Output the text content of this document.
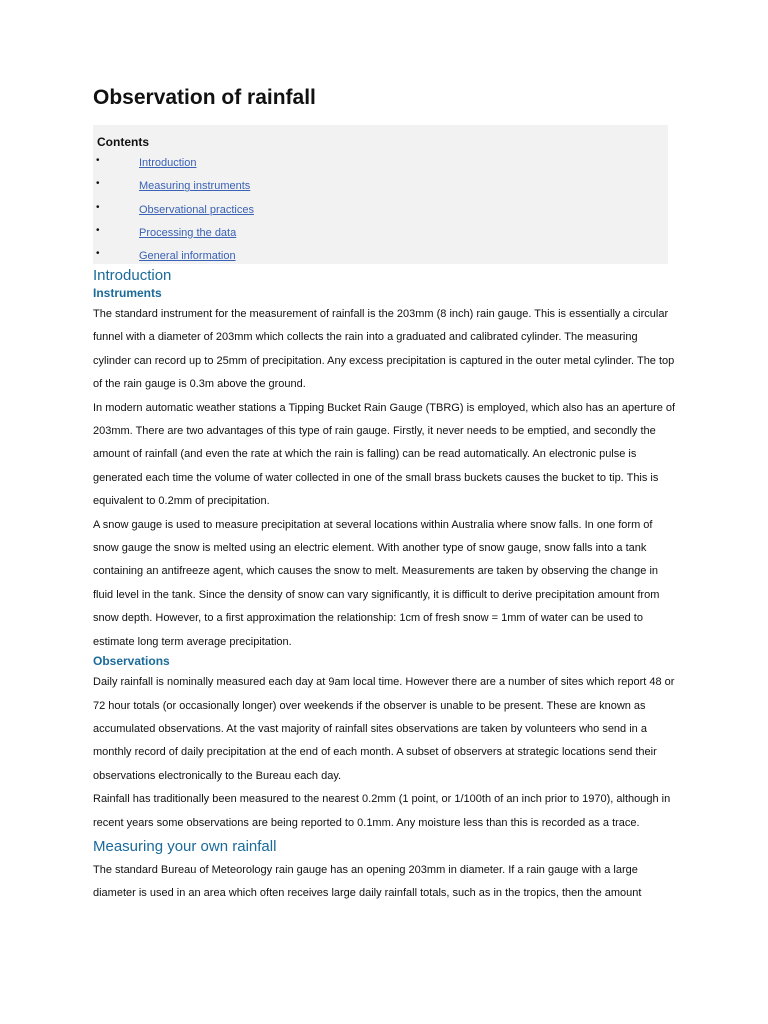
Observation of rainfall
Contents
•	Introduction
•	Measuring instruments
•	Observational practices
•	Processing the data
•	General information
Introduction
Instruments

The standard instrument for the measurement of rainfall is the 203mm (8 inch) rain gauge. This is essentially a circular funnel with a diameter of 203mm which collects the rain into a graduated and calibrated cylinder. The measuring cylinder can record up to 25mm of precipitation. Any excess precipitation is captured in the outer metal cylinder. The top of the rain gauge is 0.3m above the ground.

In modern automatic weather stations a Tipping Bucket Rain Gauge (TBRG) is employed, which also has an aperture of 203mm. There are two advantages of this type of rain gauge. Firstly, it never needs to be emptied, and secondly the amount of rainfall (and even the rate at which the rain is falling) can be read automatically. An electronic pulse is generated each time the volume of water collected in one of the small brass buckets causes the bucket to tip. This is equivalent to 0.2mm of precipitation.

A snow gauge is used to measure precipitation at several locations within Australia where snow falls. In one form of snow gauge the snow is melted using an electric element. With another type of snow gauge, snow falls into a tank containing an antifreeze agent, which causes the snow to melt. Measurements are taken by observing the change in fluid level in the tank. Since the density of snow can vary significantly, it is difficult to derive precipitation amount from snow depth. However, to a first approximation the relationship: 1cm of fresh snow = 1mm of water can be used to estimate long term average precipitation.

Observations

Daily rainfall is nominally measured each day at 9am local time. However there are a number of sites which report 48 or 72 hour totals (or occasionally longer) over weekends if the observer is unable to be present. These are known as accumulated observations. At the vast majority of rainfall sites observations are taken by volunteers who send in a monthly record of daily precipitation at the end of each month. A subset of observers at strategic locations send their observations electronically to the Bureau each day.

Rainfall has traditionally been measured to the nearest 0.2mm (1 point, or 1/100th of an inch prior to 1970), although in recent years some observations are being reported to 0.1mm. Any moisture less than this is recorded as a trace.

Measuring your own rainfall

The standard Bureau of Meteorology rain gauge has an opening 203mm in diameter. If a rain gauge with a large diameter is used in an area which often receives large daily rainfall totals, such as in the tropics, then the amount
